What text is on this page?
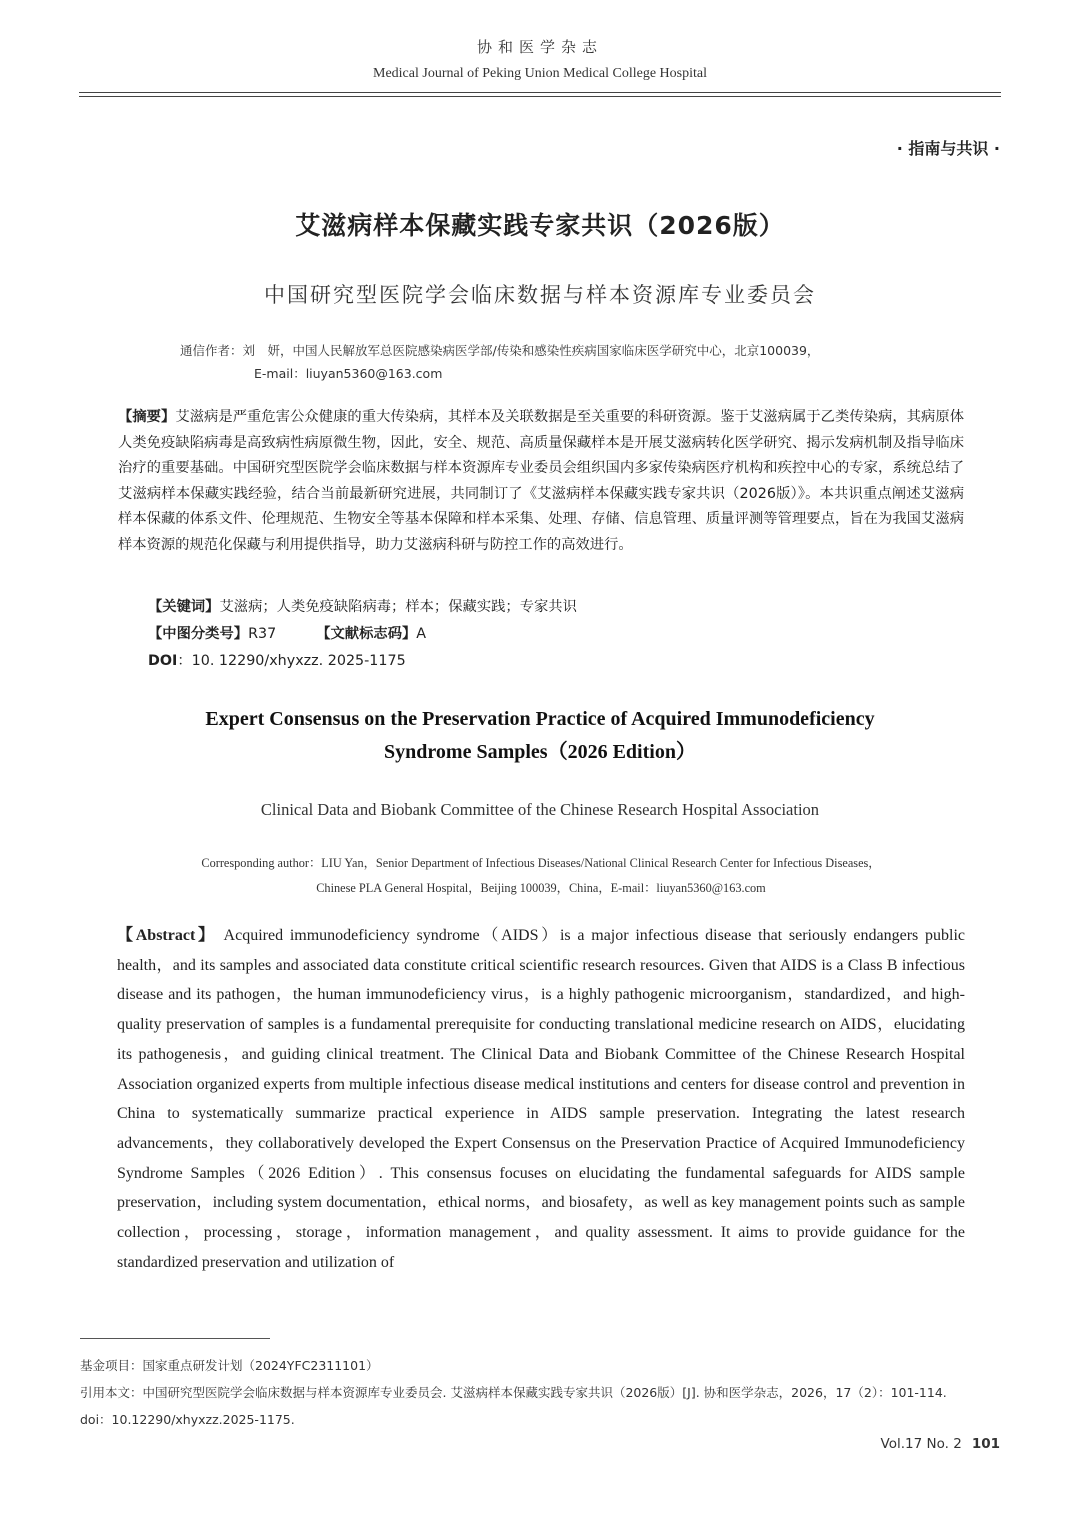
协和医学杂志
Medical Journal of Peking Union Medical College Hospital
· 指南与共识 ·
艾滋病样本保藏实践专家共识（2026版）
中国研究型医院学会临床数据与样本资源库专业委员会
通信作者：刘　妍，中国人民解放军总医院感染病医学部/传染和感染性疾病国家临床医学研究中心，北京100039，
E-mail：liuyan5360@163.com
【摘要】艾滋病是严重危害公众健康的重大传染病，其样本及关联数据是至关重要的科研资源。鉴于艾滋病属于乙类传染病，其病原体人类免疫缺陷病毒是高致病性病原微生物，因此，安全、规范、高质量保藏样本是开展艾滋病转化医学研究、揭示发病机制及指导临床治疗的重要基础。中国研究型医院学会临床数据与样本资源库专业委员会组织国内多家传染病医疗机构和疾控中心的专家，系统总结了艾滋病样本保藏实践经验，结合当前最新研究进展，共同制订了《艾滋病样本保藏实践专家共识（2026版）》。本共识重点阐述艾滋病样本保藏的体系文件、伦理规范、生物安全等基本保障和样本采集、处理、存储、信息管理、质量评测等管理要点，旨在为我国艾滋病样本资源的规范化保藏与利用提供指导，助力艾滋病科研与防控工作的高效进行。
【关键词】艾滋病；人类免疫缺陷病毒；样本；保藏实践；专家共识
【中图分类号】R37	【文献标志码】A
DOI：10. 12290/xhyxzz. 2025-1175
Expert Consensus on the Preservation Practice of Acquired Immunodeficiency
Syndrome Samples（2026 Edition）
Clinical Data and Biobank Committee of the Chinese Research Hospital Association
Corresponding author：LIU Yan，Senior Department of Infectious Diseases/National Clinical Research Center for Infectious Diseases，
Chinese PLA General Hospital，Beijing 100039，China，E-mail：liuyan5360@163.com
【Abstract】 Acquired immunodeficiency syndrome（AIDS）is a major infectious disease that seriously endangers public health，and its samples and associated data constitute critical scientific research resources. Given that AIDS is a Class B infectious disease and its pathogen，the human immunodeficiency virus，is a highly pathogenic microorganism，standardized，and high-quality preservation of samples is a fundamental prerequisite for conducting translational medicine research on AIDS，elucidating its pathogenesis，and guiding clinical treatment. The Clinical Data and Biobank Committee of the Chinese Research Hospital Association organized experts from multiple infectious disease medical institutions and centers for disease control and prevention in China to systematically summarize practical experience in AIDS sample preservation. Integrating the latest research advancements，they collaboratively developed the Expert Consensus on the Preservation Practice of Acquired Immunodeficiency Syndrome Samples（2026 Edition）. This consensus focuses on elucidating the fundamental safeguards for AIDS sample preservation，including system documentation，ethical norms，and biosafety，as well as key management points such as sample collection，processing，storage，information management，and quality assessment. It aims to provide guidance for the standardized preservation and utilization of
基金项目：国家重点研发计划（2024YFC2311101）
引用本文：中国研究型医院学会临床数据与样本资源库专业委员会. 艾滋病样本保藏实践专家共识（2026版）[J]. 协和医学杂志，2026，17（2）：101-114. doi：10.12290/xhyxzz.2025-1175.
Vol.17 No. 2 101
